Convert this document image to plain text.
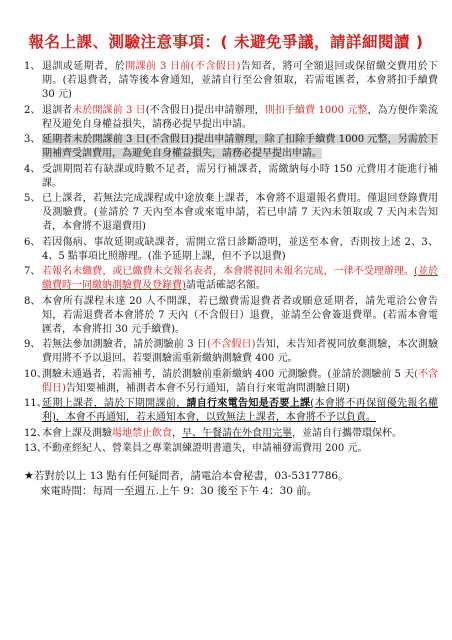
報名上課、測驗注意事項：( 未避免爭議，請詳細閱讀 )
1、 退訓或延期者，於開課前 3 日前(不含假日)告知者，將可全額退回或保留繳交費用於下期。(若退費者，請等後本會通知，並請自行至公會領取，若需電匯者，本會將扣手續費 30 元)
2、 退訓者未於開課前 3 日(不含假日)提出申請辦理，則扣手續費 1000 元整，為方便作業流程及避免自身權益損失，請務必提早提出申請。
3、 延期者未於開課前 3 日(不含假日)提出申請辦理，除了扣除手續費 1000 元整，另需於下期補齊受訓費用，為避免自身權益損失，請務必提早提出申請。
4、 受訓期間若有缺課或時數不足者，需另行補課者，需繳納每小時 150 元費用才能進行補課。
5、 已上課者，若無法完成課程或中途放棄上課者，本會將不退還報名費用。僅退回登錄費用及測驗費。(並請於 7 天內至本會或來電申請，若已申請 7 天內未領取或 7 天內未告知者，本會將不退還費用)
6、 若因傷病、事故延期或缺課者，需開立當日診斷證明，並送至本會，否則按上述 2、3、4、5 點事項比照辦理。(准予延期上課，但不予以退費)
7、 若報名未繳費，或已繳費未交報名表者，本會將視同未報名完成，一律不受理辦理。(並於繳費時一同繳納測驗費及登錄費)請電話確認名額。
8、 本會所有課程未達 20 人不開課，若已繳費需退費者者或願意延期者，請先電洽公會告知，若需退費者本會將於 7 天內（不含假日）退費，並請至公會簽退費單。(若需本會電匯者，本會將扣 30 元手續費)。
9、 若無法參加測驗者，請於測驗前 3 日(不含假日)告知，未告知者視同放棄測驗，本次測驗費用將不予以退回。若要測驗需重新繳納測驗費 400 元。
10、
測驗未通過者，若需補考，請於測驗前重新繳納 400 元測驗費。(並請於測驗前 5 天(不含假日)告知要補測，補測者本會不另行通知，請自行來電詢問測驗日期)
11、
延期上課者，請於下期開課前，請自行來電告知是否要上課(本會將不再保留優先報名權利)，本會不再通知，若未通知本會，以致無法上課者，本會將不予以負責。
12、
本會上課及測驗場地禁止飲食，早、午餐請在外食用完畢，並請自行攜帶環保杯。
13、
不動產經紀人、營業員之專業訓練證明書遺失，申請補發需費用 200 元。
★若對於以上 13 點有任何疑問者，請電洽本會秘書，03-5317786。
來電時間：每周一至週五.上午 9：30 後至下午 4：30 前。
